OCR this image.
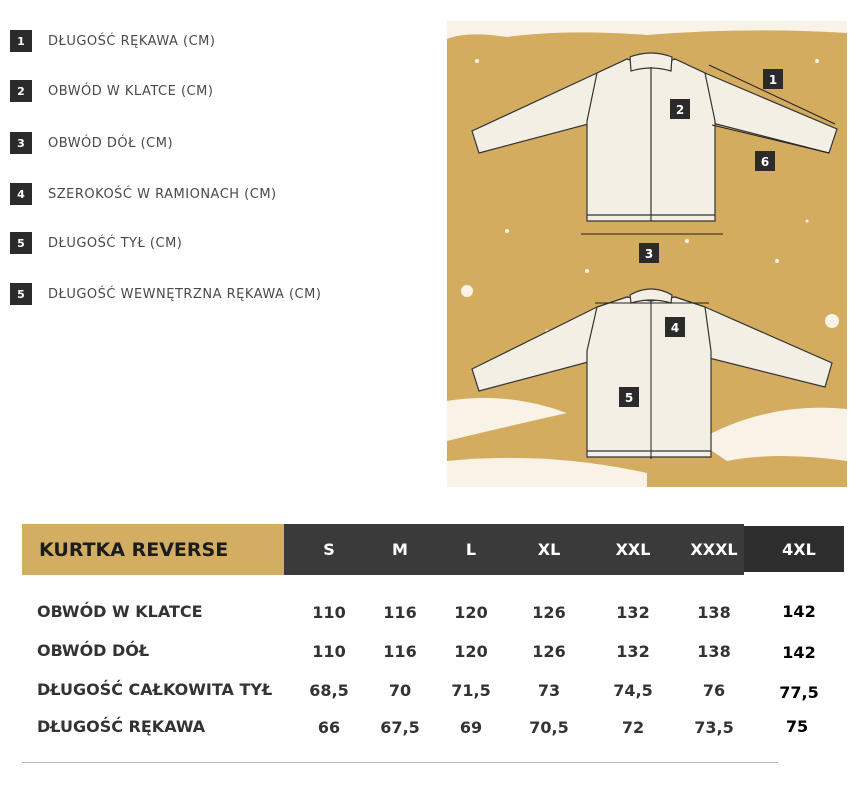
1	DŁUGOŚĆ RĘKAWA (CM)
2	OBWÓD W KLATCE (CM)
3	OBWÓD DÓŁ (CM)
4	SZEROKOŚĆ W RAMIONACH (CM)
5	DŁUGOŚĆ TYŁ (CM)
5	DŁUGOŚĆ WEWNĘTRZNA RĘKAWA (CM)
1
2
6
3
4
5
KURTKA REVERSE	S	M	L	XL	XXL	XXXL	4XL
OBWÓD W KLATCE	110	116	120	126	132	138	142
OBWÓD DÓŁ	110	116	120	126	132	138	142
DŁUGOŚĆ CAŁKOWITA TYŁ	68,5	70	71,5	73	74,5	76	77,5
DŁUGOŚĆ RĘKAWA	66	67,5	69	70,5	72	73,5	75
